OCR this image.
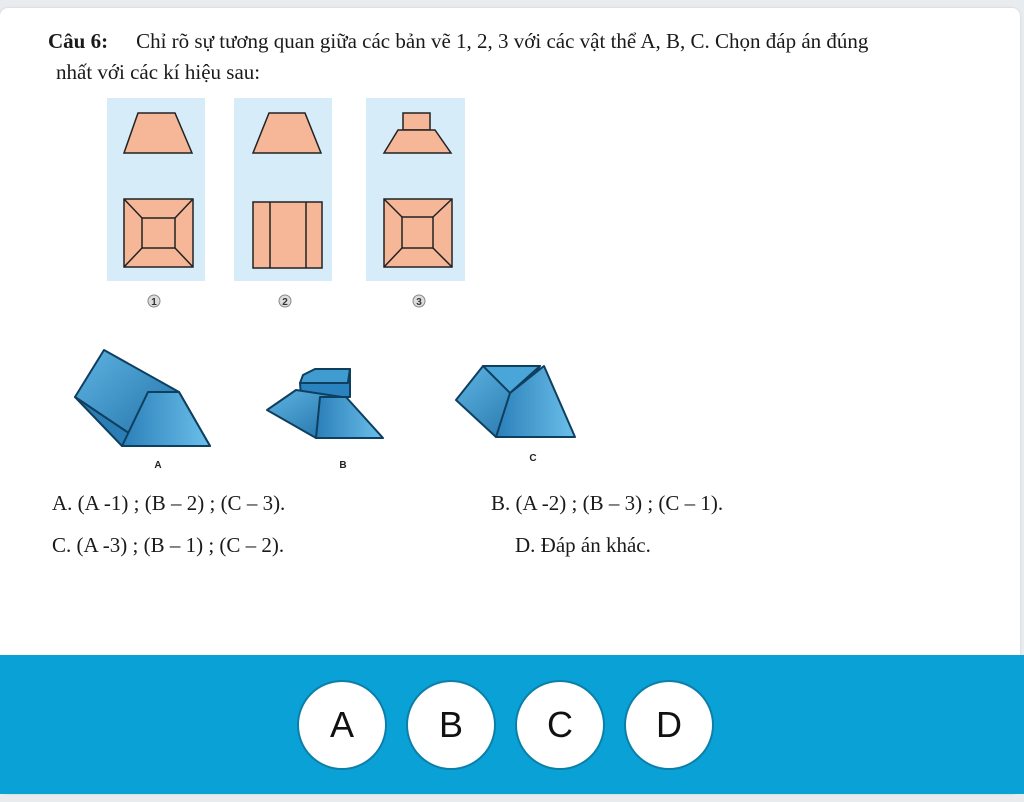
Câu 6: Chỉ rõ sự tương quan giữa các bản vẽ 1, 2, 3 với các vật thể A, B, C. Chọn đáp án đúng
nhất với các kí hiệu sau:
1	2	3
A	B
C
A. (A -1) ; (B – 2) ; (C – 3).	B. (A -2) ; (B – 3) ; (C – 1).
C. (A -3) ; (B – 1) ; (C – 2).	D. Đáp án khác.
A	B	C	D
